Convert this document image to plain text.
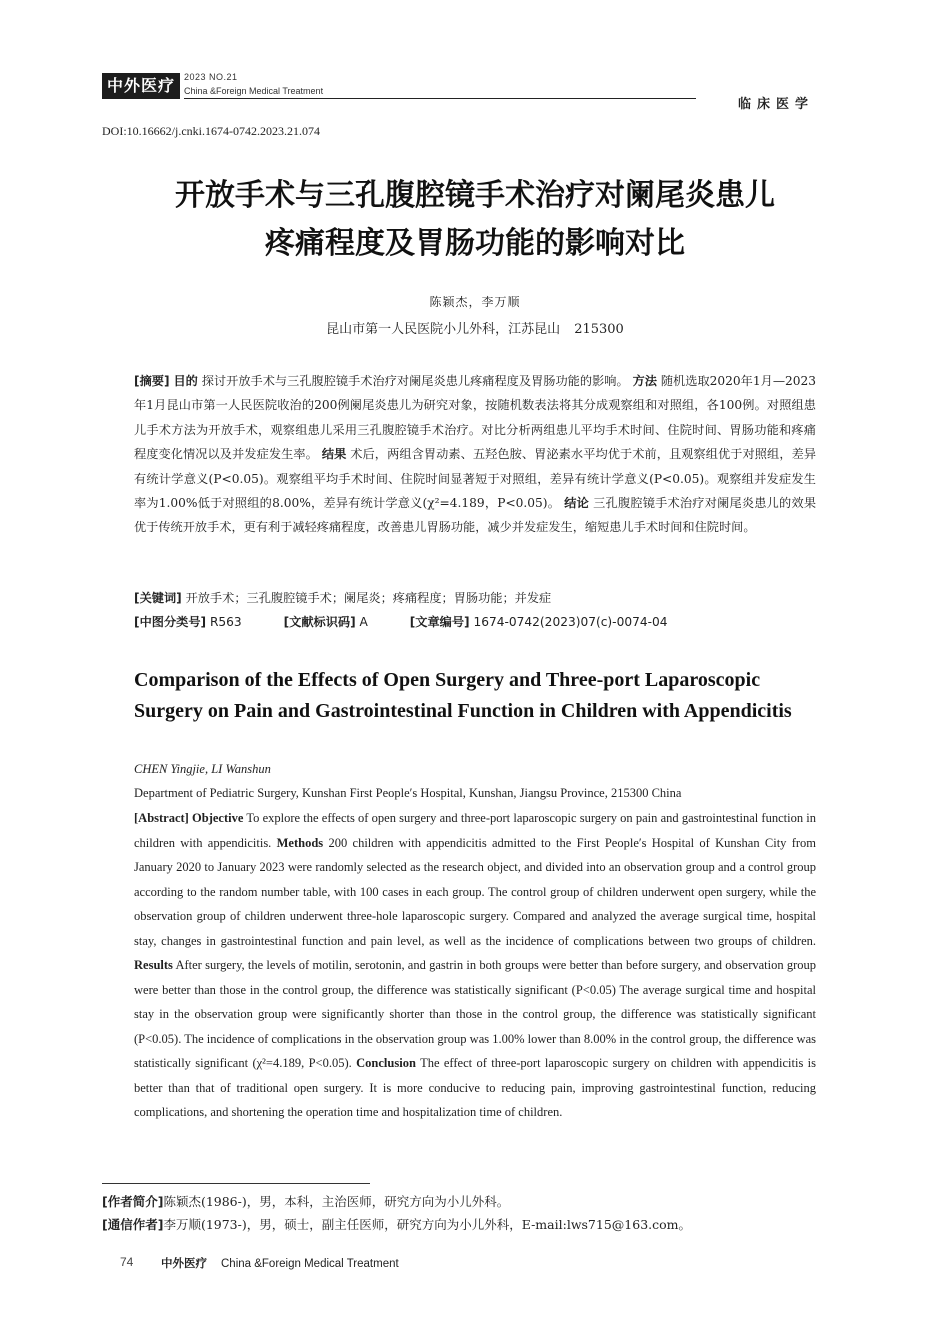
中外医疗	2023 NO.21
China &Foreign Medical Treatment
临床医学
DOI:10.16662/j.cnki.1674-0742.2023.21.074
开放手术与三孔腹腔镜手术治疗对阑尾炎患儿
疼痛程度及胃肠功能的影响对比
陈颖杰，李万顺
昆山市第一人民医院小儿外科，江苏昆山 215300
[摘要] 目的 探讨开放手术与三孔腹腔镜手术治疗对阑尾炎患儿疼痛程度及胃肠功能的影响。 方法 随机选取2020年1月—2023年1月昆山市第一人民医院收治的200例阑尾炎患儿为研究对象，按随机数表法将其分成观察组和对照组，各100例。对照组患儿手术方法为开放手术，观察组患儿采用三孔腹腔镜手术治疗。对比分析两组患儿平均手术时间、住院时间、胃肠功能和疼痛程度变化情况以及并发症发生率。 结果 术后，两组含胃动素、五羟色胺、胃泌素水平均优于术前，且观察组优于对照组，差异有统计学意义(P<0.05)。观察组平均手术时间、住院时间显著短于对照组，差异有统计学意义(P<0.05)。观察组并发症发生率为1.00%低于对照组的8.00%，差异有统计学意义(χ²=4.189，P<0.05)。 结论 三孔腹腔镜手术治疗对阑尾炎患儿的效果优于传统开放手术，更有利于减轻疼痛程度，改善患儿胃肠功能，减少并发症发生，缩短患儿手术时间和住院时间。
[关键词] 开放手术；三孔腹腔镜手术；阑尾炎；疼痛程度；胃肠功能；并发症
[中图分类号] R563	[文献标识码] A	[文章编号] 1674-0742(2023)07(c)-0074-04
Comparison of the Effects of Open Surgery and Three-port Laparoscopic Surgery on Pain and Gastrointestinal Function in Children with Appendicitis
CHEN Yingjie, LI Wanshun
Department of Pediatric Surgery, Kunshan First People′s Hospital, Kunshan, Jiangsu Province, 215300 China
[Abstract] Objective To explore the effects of open surgery and three-port laparoscopic surgery on pain and gastrointestinal function in children with appendicitis. Methods 200 children with appendicitis admitted to the First People′s Hospital of Kunshan City from January 2020 to January 2023 were randomly selected as the research object, and divided into an observation group and a control group according to the random number table, with 100 cases in each group. The control group of children underwent open surgery, while the observation group of children underwent three-hole laparoscopic surgery. Compared and analyzed the average surgical time, hospital stay, changes in gastrointestinal function and pain level, as well as the incidence of complications between two groups of children. Results After surgery, the levels of motilin, serotonin, and gastrin in both groups were better than before surgery, and observation group were better than those in the control group, the difference was statistically significant (P<0.05) The average surgical time and hospital stay in the observation group were significantly shorter than those in the control group, the difference was statistically significant (P<0.05). The incidence of complications in the observation group was 1.00% lower than 8.00% in the control group, the difference was statistically significant (χ²=4.189, P<0.05). Conclusion The effect of three-port laparoscopic surgery on children with appendicitis is better than that of traditional open surgery. It is more conducive to reducing pain, improving gastrointestinal function, reducing complications, and shortening the operation time and hospitalization time of children.
[作者简介]陈颖杰(1986-)，男，本科，主治医师，研究方向为小儿外科。
[通信作者]李万顺(1973-)，男，硕士，副主任医师，研究方向为小儿外科，E-mail:lws715@163.com。
74 中外医疗 China &Foreign Medical Treatment
